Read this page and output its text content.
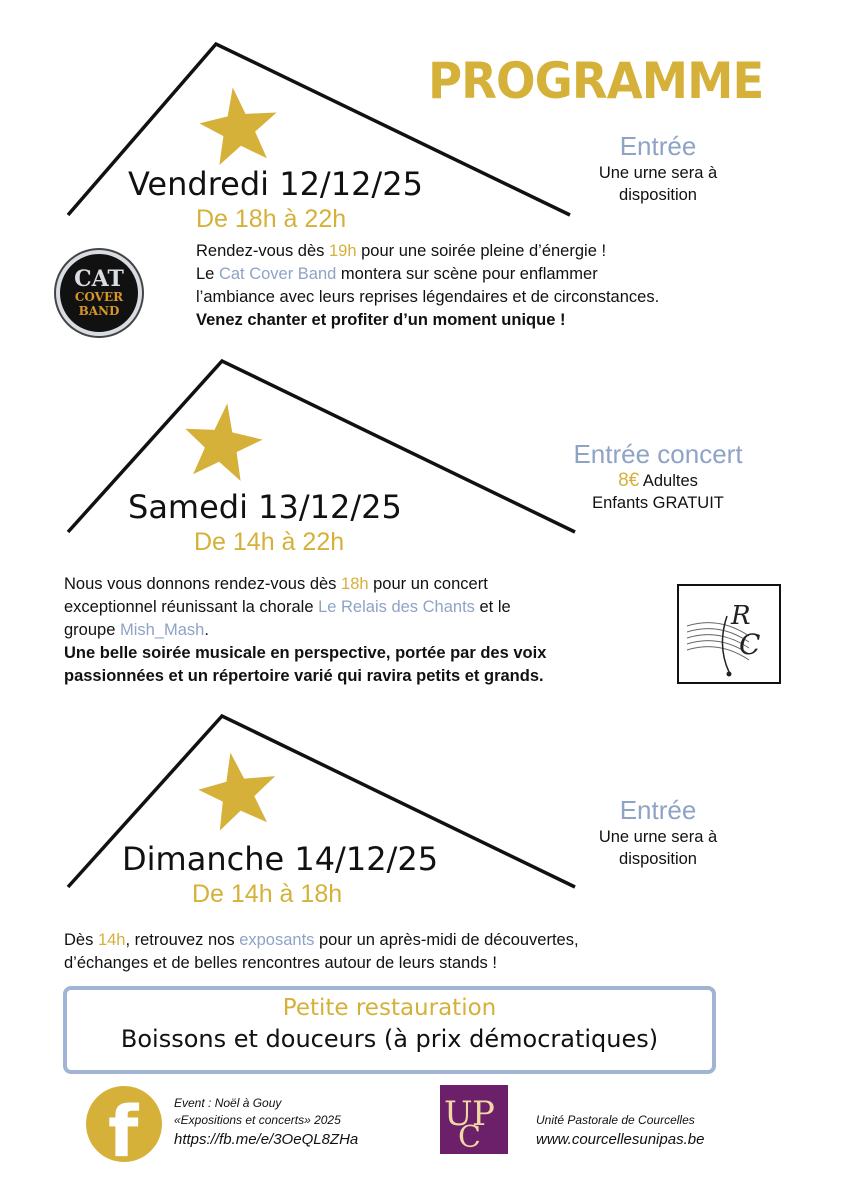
PROGRAMME
Vendredi 12/12/25
De 18h à 22h
Entrée
Une urne sera à
disposition
CAT
COVER
BAND
Rendez-vous dès 19h pour une soirée pleine d’énergie !
Le Cat Cover Band montera sur scène pour enflammer
l’ambiance avec leurs reprises légendaires et de circonstances.
Venez chanter et profiter d’un moment unique !
Samedi 13/12/25
De 14h à 22h
Entrée concert
8€ Adultes
Enfants GRATUIT
Nous vous donnons rendez-vous dès 18h pour un concert
exceptionnel réunissant la chorale Le Relais des Chants et le
groupe Mish_Mash.
Une belle soirée musicale en perspective, portée par des voix
passionnées et un répertoire varié qui ravira petits et grands.
R
C
Dimanche 14/12/25
De 14h à 18h
Entrée
Une urne sera à
disposition
Dès 14h, retrouvez nos exposants pour un après-midi de découvertes,
d’échanges et de belles rencontres autour de leurs stands !
Petite restauration
Boissons et douceurs (à prix démocratiques)
f	Event : Noël à Gouy
«Expositions et concerts» 2025
https://fb.me/e/3OeQL8ZHa
U P
C	Unité Pastorale de Courcelles
www.courcellesunipas.be
